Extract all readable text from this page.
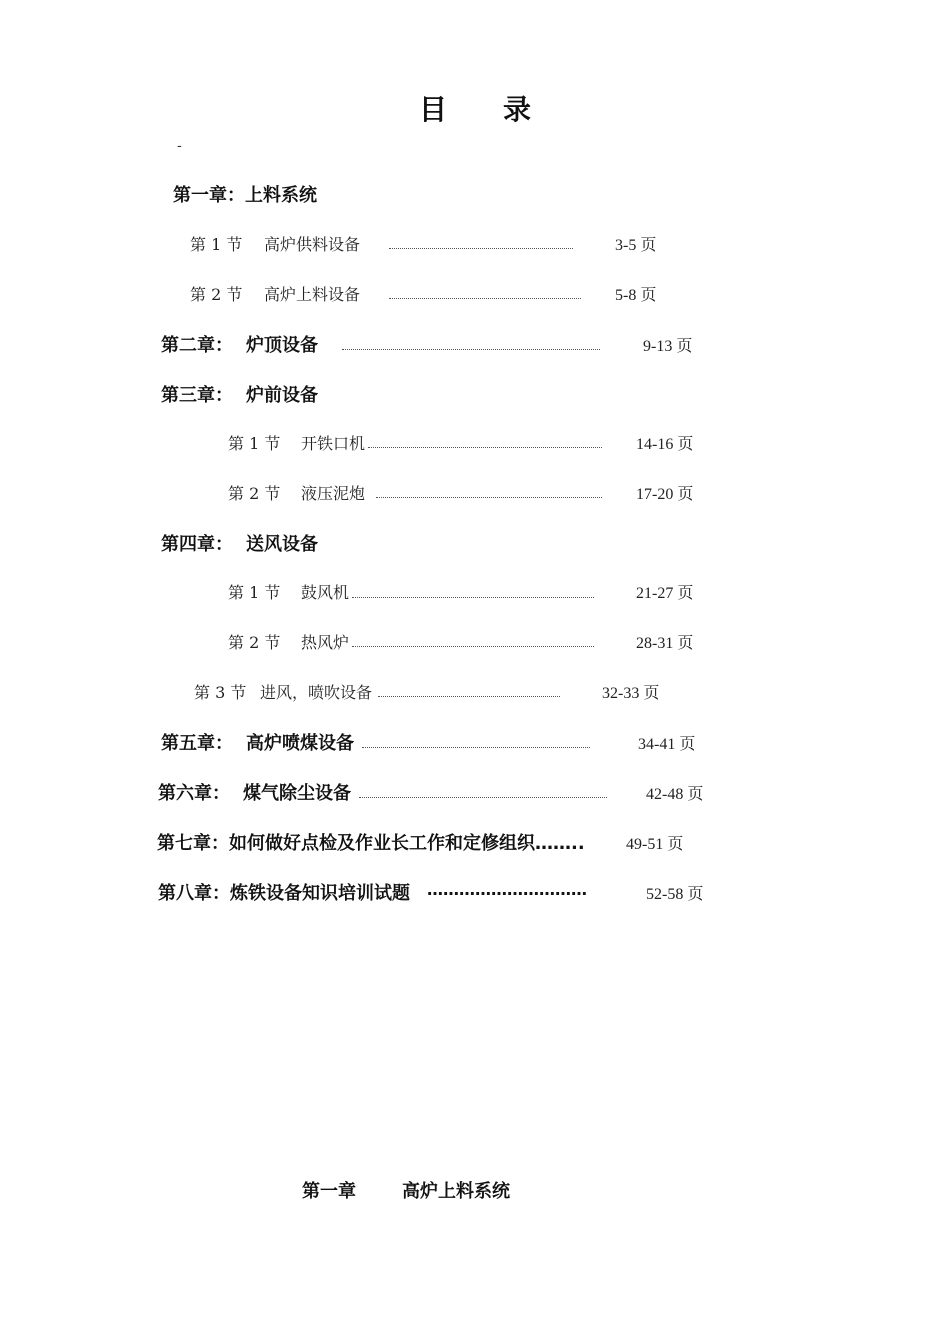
目 录
-
第一章：上料系统
第 1 节 高炉供料设备	3-5 页
第 2 节 高炉上料设备	5-8 页
第二章： 炉顶设备	9-13 页
第三章： 炉前设备
第 1 节 开铁口机	14-16 页
第 2 节 液压泥炮	17-20 页
第四章： 送风设备
第 1 节 鼓风机	21-27 页
第 2 节 热风炉	28-31 页
第 3 节 进风，喷吹设备	32-33 页
第五章： 高炉喷煤设备	34-41 页
第六章： 煤气除尘设备	42-48 页
第七章：如何做好点检及作业长工作和定修组织……..	49-51 页
第八章：炼铁设备知识培训试题 …………………………	52-58 页
第一章	高炉上料系统
